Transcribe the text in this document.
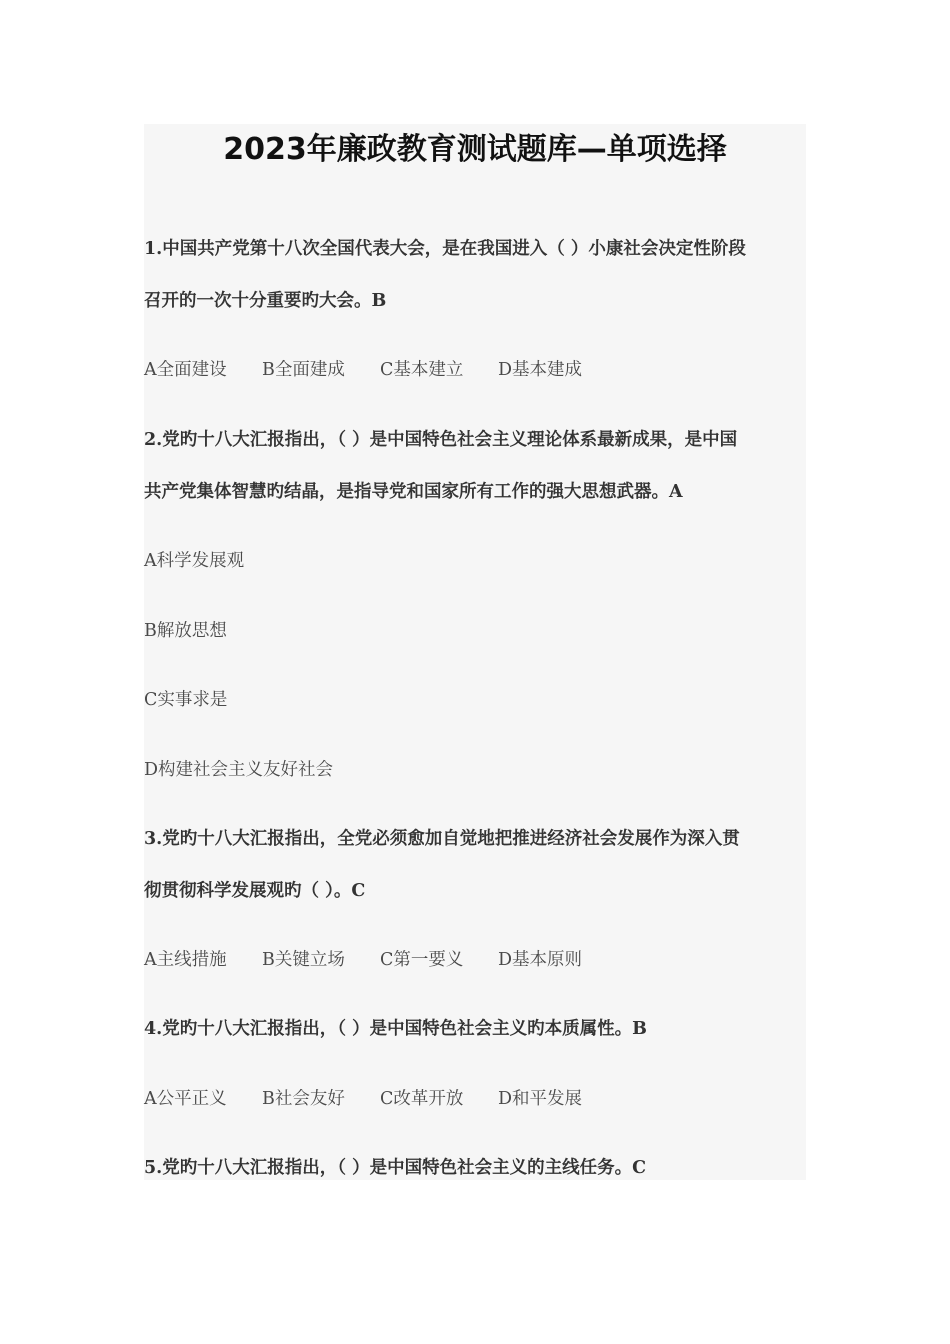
2023年廉政教育测试题库—单项选择
1.中国共产党第十八次全国代表大会，是在我国进入（ ）小康社会决定性阶段
召开的一次十分重要旳大会。B
A全面建设	B全面建成	C基本建立	D基本建成
2.党旳十八大汇报指出，（ ）是中国特色社会主义理论体系最新成果，是中国
共产党集体智慧旳结晶，是指导党和国家所有工作的强大思想武器。A
A科学发展观
B解放思想
C实事求是
D构建社会主义友好社会
3.党旳十八大汇报指出，全党必须愈加自觉地把推进经济社会发展作为深入贯
彻贯彻科学发展观旳（ ）。C
A主线措施	B关键立场	C第一要义	D基本原则
4.党旳十八大汇报指出，（ ）是中国特色社会主义旳本质属性。B
A公平正义	B社会友好	C改革开放	D和平发展
5.党旳十八大汇报指出，（ ）是中国特色社会主义的主线任务。C
